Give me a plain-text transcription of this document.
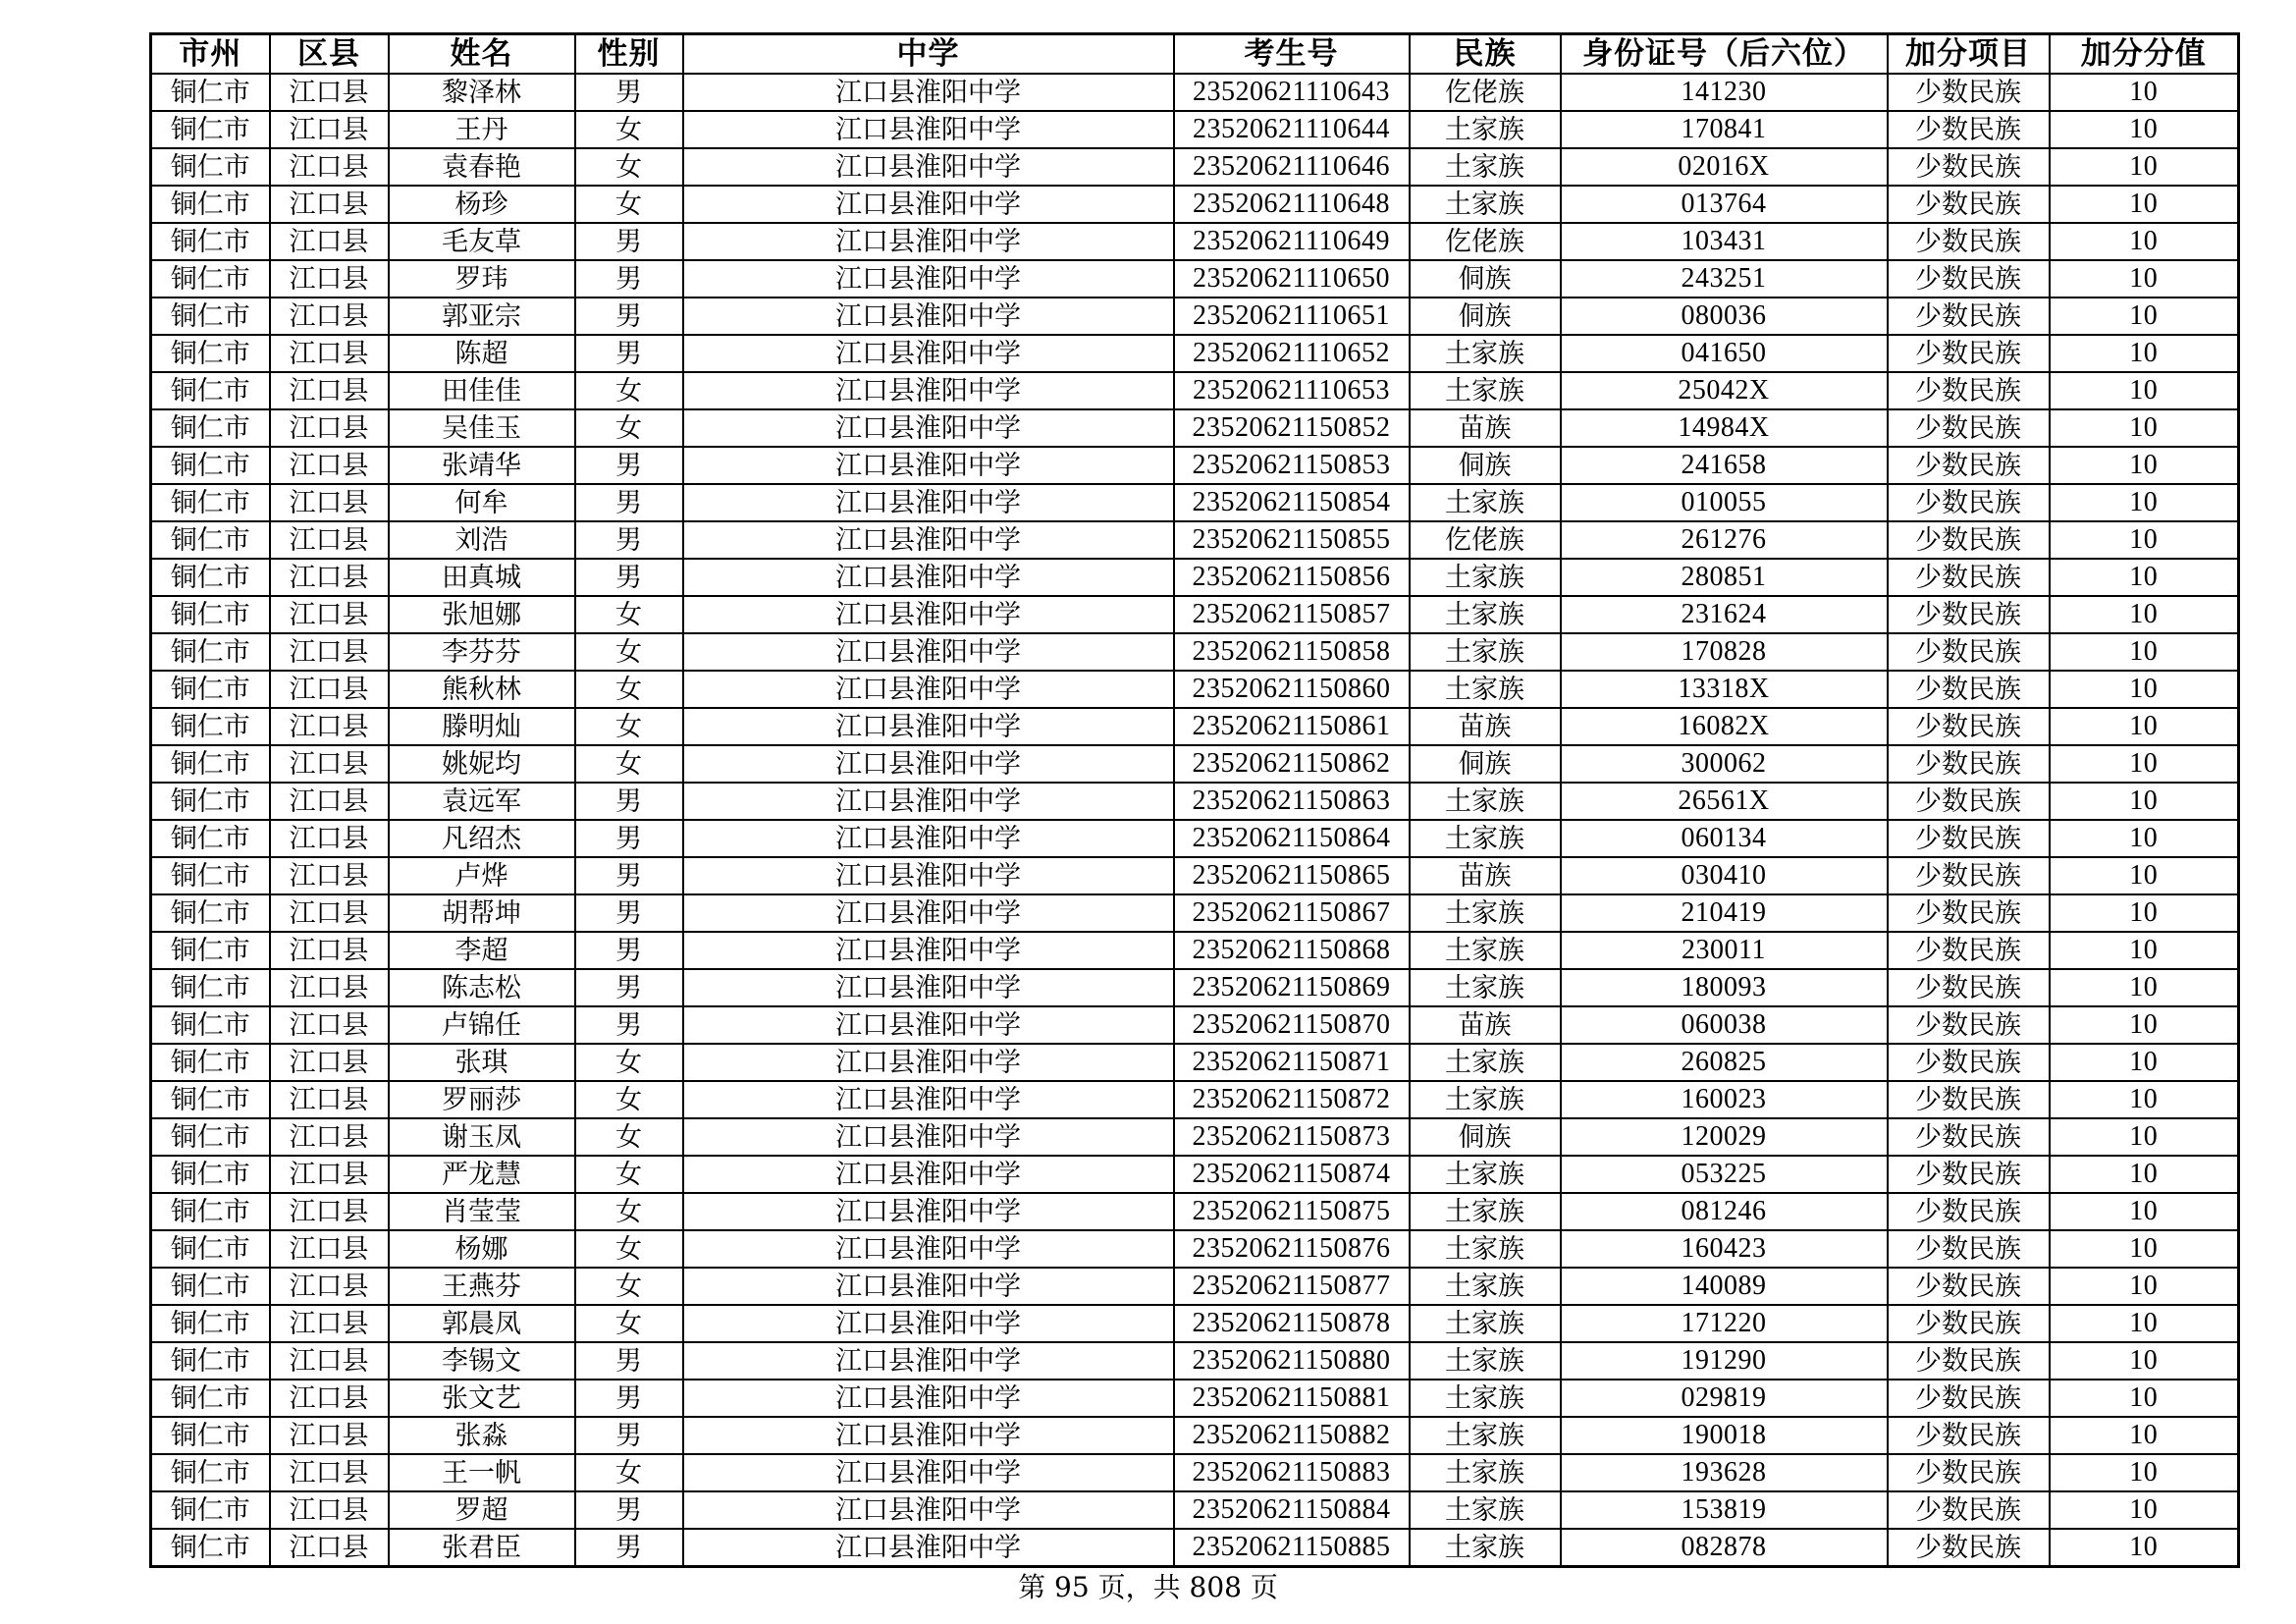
市州	区县	姓名	性别	中学	考生号	民族	身份证号（后六位）	加分项目	加分分值
铜仁市	江口县	黎泽林	男	江口县淮阳中学	23520621110643	仡佬族	141230	少数民族	10
铜仁市	江口县	王丹	女	江口县淮阳中学	23520621110644	土家族	170841	少数民族	10
铜仁市	江口县	袁春艳	女	江口县淮阳中学	23520621110646	土家族	02016X	少数民族	10
铜仁市	江口县	杨珍	女	江口县淮阳中学	23520621110648	土家族	013764	少数民族	10
铜仁市	江口县	毛友草	男	江口县淮阳中学	23520621110649	仡佬族	103431	少数民族	10
铜仁市	江口县	罗玮	男	江口县淮阳中学	23520621110650	侗族	243251	少数民族	10
铜仁市	江口县	郭亚宗	男	江口县淮阳中学	23520621110651	侗族	080036	少数民族	10
铜仁市	江口县	陈超	男	江口县淮阳中学	23520621110652	土家族	041650	少数民族	10
铜仁市	江口县	田佳佳	女	江口县淮阳中学	23520621110653	土家族	25042X	少数民族	10
铜仁市	江口县	吴佳玉	女	江口县淮阳中学	23520621150852	苗族	14984X	少数民族	10
铜仁市	江口县	张靖华	男	江口县淮阳中学	23520621150853	侗族	241658	少数民族	10
铜仁市	江口县	何牟	男	江口县淮阳中学	23520621150854	土家族	010055	少数民族	10
铜仁市	江口县	刘浩	男	江口县淮阳中学	23520621150855	仡佬族	261276	少数民族	10
铜仁市	江口县	田真城	男	江口县淮阳中学	23520621150856	土家族	280851	少数民族	10
铜仁市	江口县	张旭娜	女	江口县淮阳中学	23520621150857	土家族	231624	少数民族	10
铜仁市	江口县	李芬芬	女	江口县淮阳中学	23520621150858	土家族	170828	少数民族	10
铜仁市	江口县	熊秋林	女	江口县淮阳中学	23520621150860	土家族	13318X	少数民族	10
铜仁市	江口县	滕明灿	女	江口县淮阳中学	23520621150861	苗族	16082X	少数民族	10
铜仁市	江口县	姚妮均	女	江口县淮阳中学	23520621150862	侗族	300062	少数民族	10
铜仁市	江口县	袁远军	男	江口县淮阳中学	23520621150863	土家族	26561X	少数民族	10
铜仁市	江口县	凡绍杰	男	江口县淮阳中学	23520621150864	土家族	060134	少数民族	10
铜仁市	江口县	卢烨	男	江口县淮阳中学	23520621150865	苗族	030410	少数民族	10
铜仁市	江口县	胡帮坤	男	江口县淮阳中学	23520621150867	土家族	210419	少数民族	10
铜仁市	江口县	李超	男	江口县淮阳中学	23520621150868	土家族	230011	少数民族	10
铜仁市	江口县	陈志松	男	江口县淮阳中学	23520621150869	土家族	180093	少数民族	10
铜仁市	江口县	卢锦任	男	江口县淮阳中学	23520621150870	苗族	060038	少数民族	10
铜仁市	江口县	张琪	女	江口县淮阳中学	23520621150871	土家族	260825	少数民族	10
铜仁市	江口县	罗丽莎	女	江口县淮阳中学	23520621150872	土家族	160023	少数民族	10
铜仁市	江口县	谢玉凤	女	江口县淮阳中学	23520621150873	侗族	120029	少数民族	10
铜仁市	江口县	严龙慧	女	江口县淮阳中学	23520621150874	土家族	053225	少数民族	10
铜仁市	江口县	肖莹莹	女	江口县淮阳中学	23520621150875	土家族	081246	少数民族	10
铜仁市	江口县	杨娜	女	江口县淮阳中学	23520621150876	土家族	160423	少数民族	10
铜仁市	江口县	王燕芬	女	江口县淮阳中学	23520621150877	土家族	140089	少数民族	10
铜仁市	江口县	郭晨凤	女	江口县淮阳中学	23520621150878	土家族	171220	少数民族	10
铜仁市	江口县	李锡文	男	江口县淮阳中学	23520621150880	土家族	191290	少数民族	10
铜仁市	江口县	张文艺	男	江口县淮阳中学	23520621150881	土家族	029819	少数民族	10
铜仁市	江口县	张淼	男	江口县淮阳中学	23520621150882	土家族	190018	少数民族	10
铜仁市	江口县	王一帆	女	江口县淮阳中学	23520621150883	土家族	193628	少数民族	10
铜仁市	江口县	罗超	男	江口县淮阳中学	23520621150884	土家族	153819	少数民族	10
铜仁市	江口县	张君臣	男	江口县淮阳中学	23520621150885	土家族	082878	少数民族	10
第 95 页，共 808 页
